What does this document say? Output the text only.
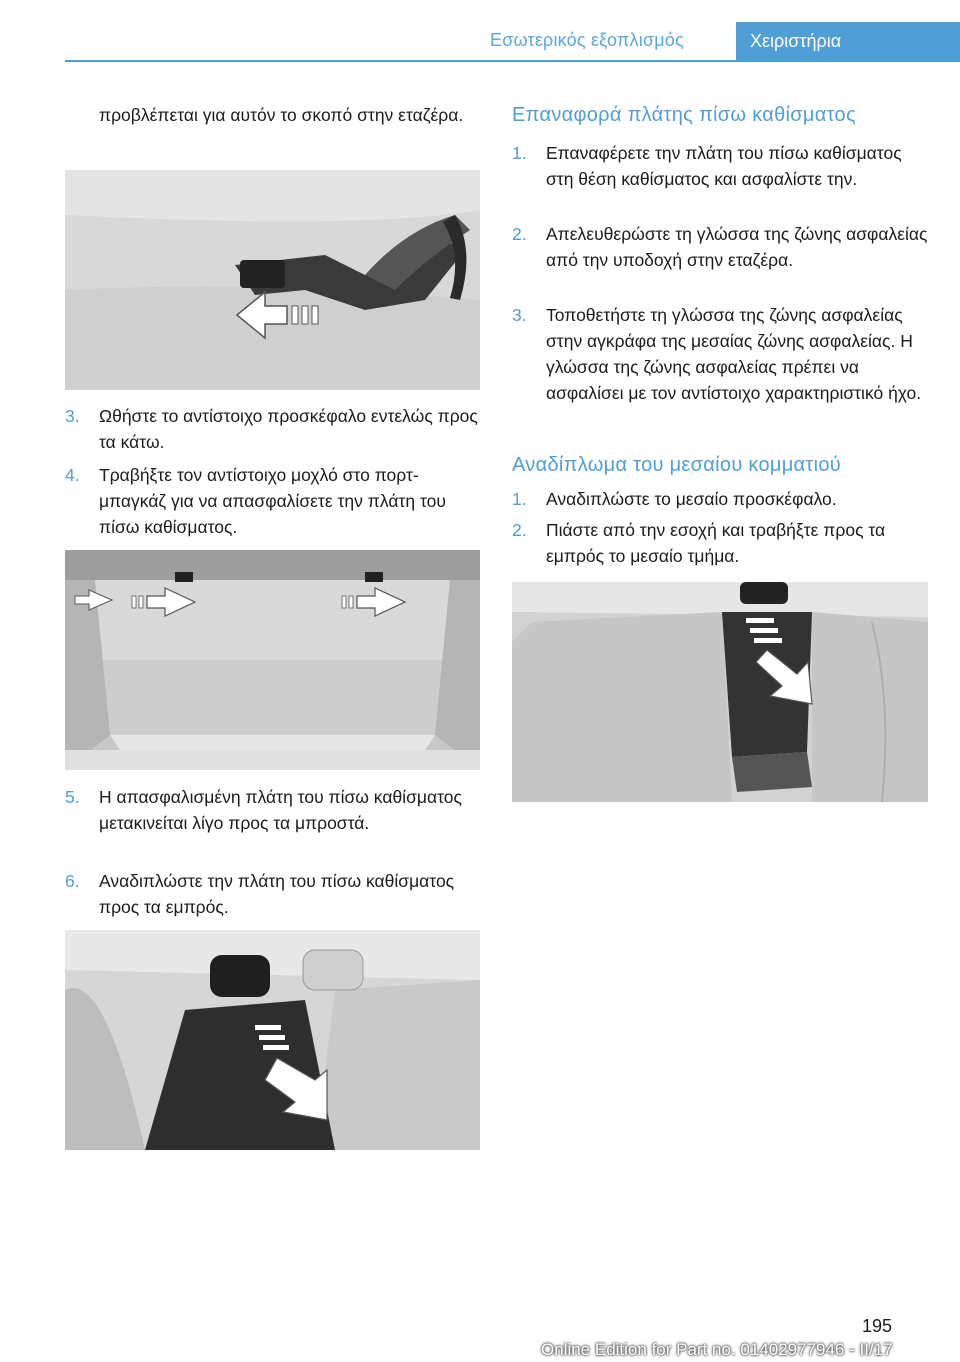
Εσωτερικός εξοπλισμός	Χειριστήρια
προβλέπεται για αυτόν το σκοπό στην εταζέρα.
3.	Ωθήστε το αντίστοιχο προσκέφαλο εντελώς προς τα κάτω.
4.	Τραβήξτε τον αντίστοιχο μοχλό στο πορτμπαγκάζ για να απασφαλίσετε την πλάτη του πίσω καθίσματος.
5.	Η απασφαλισμένη πλάτη του πίσω καθίσματος μετακινείται λίγο προς τα μπροστά.
6.	Αναδιπλώστε την πλάτη του πίσω καθίσματος προς τα εμπρός.
Επαναφορά πλάτης πίσω καθίσματος
1.	Επαναφέρετε την πλάτη του πίσω καθίσματος στη θέση καθίσματος και ασφαλίστε την.
2.	Απελευθερώστε τη γλώσσα της ζώνης ασφαλείας από την υποδοχή στην εταζέρα.
3.	Τοποθετήστε τη γλώσσα της ζώνης ασφαλείας στην αγκράφα της μεσαίας ζώνης ασφαλείας. Η γλώσσα της ζώνης ασφαλείας πρέπει να ασφαλίσει με τον αντίστοιχο χαρακτηριστικό ήχο.
Αναδίπλωμα του μεσαίου κομματιού
1.	Αναδιπλώστε το μεσαίο προσκέφαλο.
2.	Πιάστε από την εσοχή και τραβήξτε προς τα εμπρός το μεσαίο τμήμα.
195
Online Edition for Part no. 01402977946 - II/17
